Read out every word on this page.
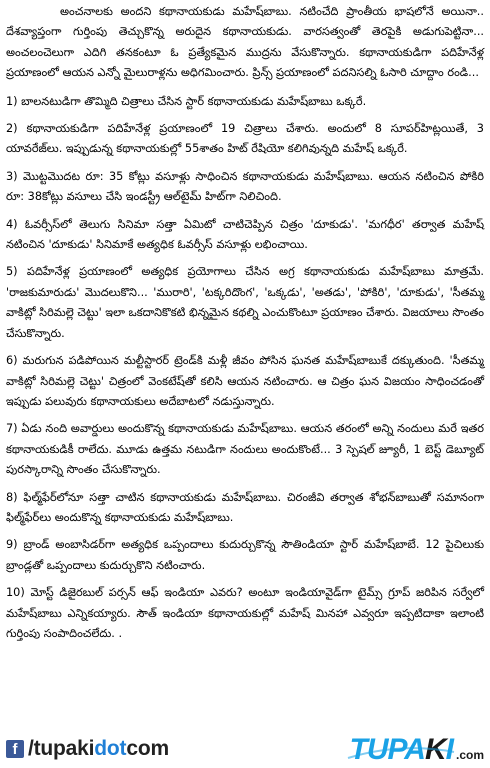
అంచనాలకు అందని కథానాయకుడు మహేష్‌బాబు. నటించేది ప్రాంతీయ భాషలోనే అయినా.. దేశవ్యాప్తంగా గుర్తింపు తెచ్చుకొన్న అరుదైన కథానాయకుడు. వారసత్వంతో తెరపైకి అడుగుపెట్టినా... అంచలంచెలుగా ఎదిగి తనకంటూ ఓ ప్రత్యేకమైన ముద్రను వేసుకొన్నారు. కథానాయకుడిగా పదిహేనేళ్ల ప్రయాణంలో ఆయన ఎన్నో మైలురాళ్లను అధిగమించారు. ప్రిన్స్ ప్రయాణంలో పదనిసల్ని ఓసారి చూద్దాం రండి...

1) బాలనటుడిగా తొమ్మిది చిత్రాలు చేసిన స్టార్ కథానాయకుడు మహేష్‌బాబు ఒక్కరే.

2) కథానాయకుడిగా పదిహేనేళ్ల ప్రయాణంలో 19 చిత్రాలు చేశారు. అందులో 8 సూపర్‌హిట్లయితే, 3 యావరేజ్‌లు. ఇప్పుడున్న కథానాయకుల్లో 55శాతం హిట్ రేషియో కలిగివున్నది మహేష్ ఒక్కరే.

3) మొట్టమొదట రూ: 35 కోట్లు వసూళ్లు సాధించిన కథానాయకుడు మహేష్‌బాబు. ఆయన నటించిన పోకిరి రూ: 38కోట్లు వసూలు చేసి ఇండస్ట్రీ ఆల్‌టైమ్ హిట్‌గా నిలిచింది.

4) ఓవర్సీస్‌లో తెలుగు సినిమా సత్తా ఏమిటో చాటిచెప్పిన చిత్రం 'దూకుడు'. 'మగధీర' తర్వాత మహేష్ నటించిన 'దూకుడు' సినిమాకే అత్యధిక ఓవర్సీస్ వసూళ్లు లభించాయి.

5) పదిహేనేళ్ల ప్రయాణంలో అత్యధిక ప్రయోగాలు చేసిన అగ్ర కథానాయకుడు మహేష్‌బాబు మాత్రమే. 'రాజకుమారుడు' మొదలుకొని... 'మురారి', 'టక్కరిదొంగ', 'ఒక్కడు', 'అతడు', 'పోకిరి', 'దూకుడు', 'సీతమ్మ వాకిట్లో సిరిమల్లె చెట్టు' ఇలా ఒకదానికొకటి భిన్నమైన కథల్ని ఎంచుకొంటూ ప్రయాణం చేశారు. విజయాలు సొంతం చేసుకొన్నారు.

6) మరుగున పడిపోయిన మల్టీస్టారర్ ట్రెండ్‌కి మళ్లీ జీవం పోసిన ఘనత మహేష్‌బాబుకే దక్కుతుంది. 'సీతమ్మ వాకిట్లో సిరిమల్లె చెట్టు' చిత్రంలో వెంకటేష్‌తో కలిసి ఆయన నటించారు. ఆ చిత్రం ఘన విజయం సాధించడంతో ఇప్పుడు పలువురు కథానాయకులు అదేబాటలో నడుస్తున్నారు.

7) ఏడు నంది అవార్డులు అందుకొన్న కథానాయకుడు మహేష్‌బాబు. ఆయన తరంలో అన్ని నందులు మరే ఇతర కథానాయకుడికీ రాలేదు. మూడు ఉత్తమ నటుడిగా నందులు అందుకొంటే... 3 స్పెషల్ జ్యూరీ, 1 బెస్ట్ డెబ్యూట్ పురస్కారాన్ని సొంతం చేసుకొన్నారు.

8) ఫిల్మ్‌ఫేర్‌లోనూ సత్తా చాటిన కథానాయకుడు మహేష్‌బాబు. చిరంజీవి తర్వాత శోభన్‌బాబుతో సమానంగా ఫిల్మ్‌ఫేర్‌లు అందుకొన్న కథానాయకుడు మహేష్‌బాబు.

9) బ్రాండ్ అంబాసిడర్‌గా అత్యధిక ఒప్పందాలు కుదుర్చుకొన్న సౌతిండియా స్టార్ మహేష్‌బాబే. 12 పైచిలుకు బ్రాండ్లతో ఒప్పందాలు కుదుర్చుకొని నటించారు.

10) మోస్ట్ డిజైరబుల్ పర్సన్ ఆఫ్ ఇండియా ఎవరు? అంటూ ఇండియావైడ్‌గా టైమ్స్ గ్రూప్ జరిపిన సర్వేలో మహేష్‌బాబు ఎన్నికయ్యారు. సౌత్ ఇండియా కథానాయకుల్లో మహేష్ మినహా ఎవ్వరూ ఇప్పటిదాకా ఇలాంటి గుర్తింపు సంపాదించలేదు. .

f /tupakidotcom	TUPAKI .com
